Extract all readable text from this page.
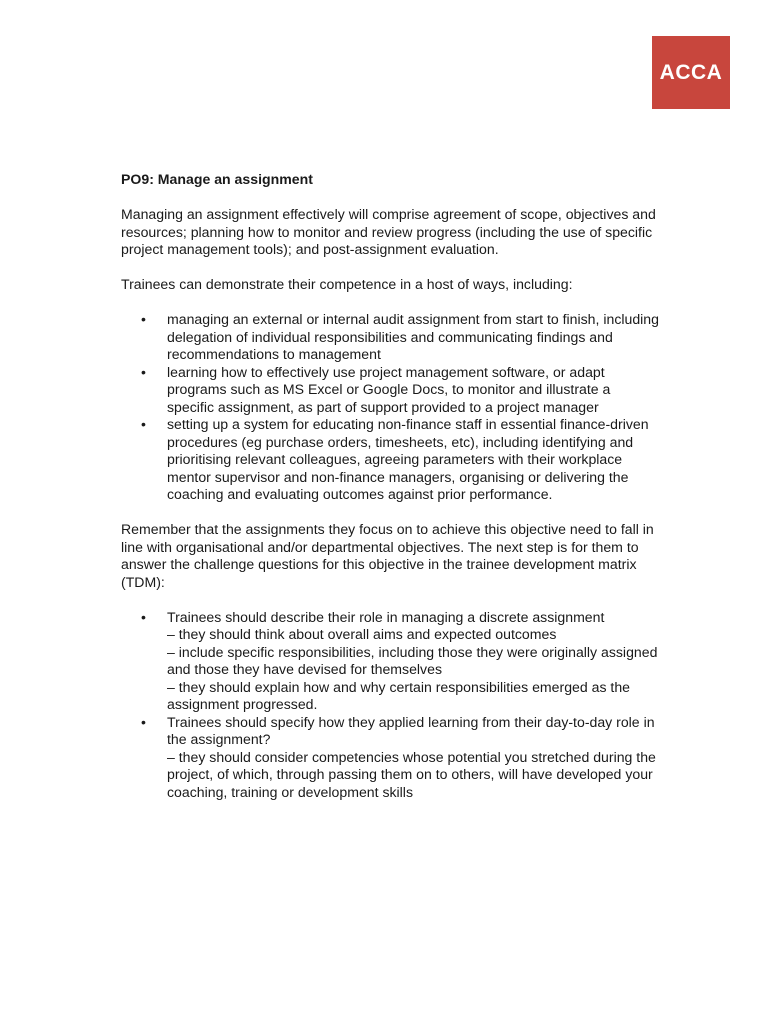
ACCA
PO9: Manage an assignment

Managing an assignment effectively will comprise agreement of scope, objectives and resources; planning how to monitor and review progress (including the use of specific project management tools); and post-assignment evaluation.

Trainees can demonstrate their competence in a host of ways, including:

• managing an external or internal audit assignment from start to finish, including delegation of individual responsibilities and communicating findings and recommendations to management
• learning how to effectively use project management software, or adapt programs such as MS Excel or Google Docs, to monitor and illustrate a specific assignment, as part of support provided to a project manager
• setting up a system for educating non-finance staff in essential finance-driven procedures (eg purchase orders, timesheets, etc), including identifying and prioritising relevant colleagues, agreeing parameters with their workplace mentor supervisor and non-finance managers, organising or delivering the coaching and evaluating outcomes against prior performance.

Remember that the assignments they focus on to achieve this objective need to fall in line with organisational and/or departmental objectives. The next step is for them to answer the challenge questions for this objective in the trainee development matrix (TDM):

• Trainees should describe their role in managing a discrete assignment
– they should think about overall aims and expected outcomes
– include specific responsibilities, including those they were originally assigned and those they have devised for themselves
– they should explain how and why certain responsibilities emerged as the assignment progressed.
• Trainees should specify how they applied learning from their day-to-day role in the assignment?
– they should consider competencies whose potential you stretched during the project, of which, through passing them on to others, will have developed your coaching, training or development skills
